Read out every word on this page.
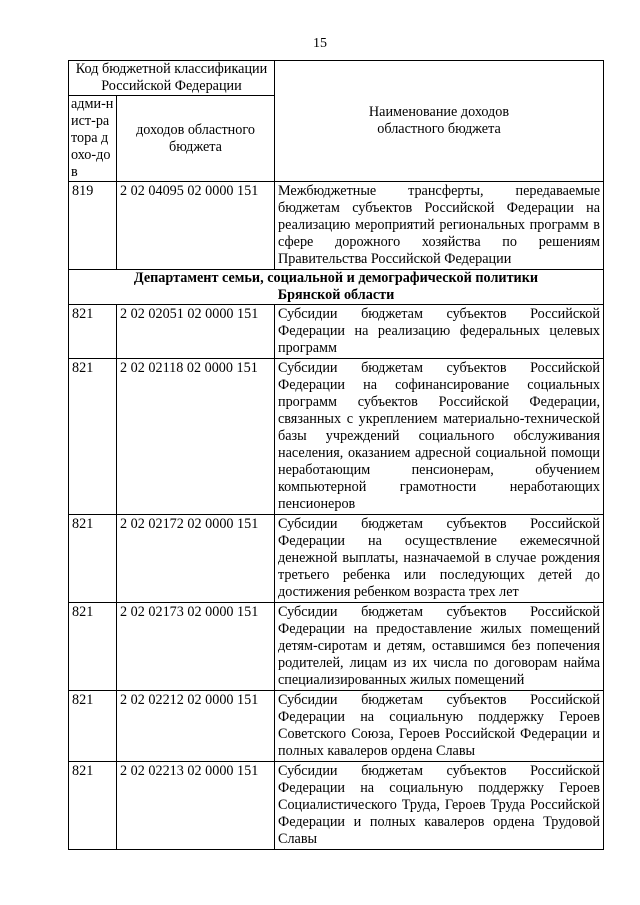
15
Код бюджетной классификации Российской Федерации		Наименование доходов областного бюджета
адми-нист-ратора дохо-дов	доходов областного бюджета	
819	2 02 04095 02 0000 151	Межбюджетные трансферты, передаваемые бюджетам субъектов Российской Федерации на реализацию мероприятий региональных программ в сфере дорожного хозяйства по решениям Правительства Российской Федерации
Департамент семьи, социальной и демографической политики Брянской области		
821	2 02 02051 02 0000 151	Субсидии бюджетам субъектов Российской Федерации на реализацию федеральных целевых программ
821	2 02 02118 02 0000 151	Субсидии бюджетам субъектов Российской Федерации на софинансирование социальных программ субъектов Российской Федерации, связанных с укреплением материально-технической базы учреждений социального обслуживания населения, оказанием адресной социальной помощи неработающим пенсионерам, обучением компьютерной грамотности неработающих пенсионеров
821	2 02 02172 02 0000 151	Субсидии бюджетам субъектов Российской Федерации на осуществление ежемесячной денежной выплаты, назначаемой в случае рождения третьего ребенка или последующих детей до достижения ребенком возраста трех лет
821	2 02 02173 02 0000 151	Субсидии бюджетам субъектов Российской Федерации на предоставление жилых помещений детям-сиротам и детям, оставшимся без попечения родителей, лицам из их числа по договорам найма специализированных жилых помещений
821	2 02 02212 02 0000 151	Субсидии бюджетам субъектов Российской Федерации на социальную поддержку Героев Советского Союза, Героев Российской Федерации и полных кавалеров ордена Славы
821	2 02 02213 02 0000 151	Субсидии бюджетам субъектов Российской Федерации на социальную поддержку Героев Социалистического Труда, Героев Труда Российской Федерации и полных кавалеров ордена Трудовой Славы
